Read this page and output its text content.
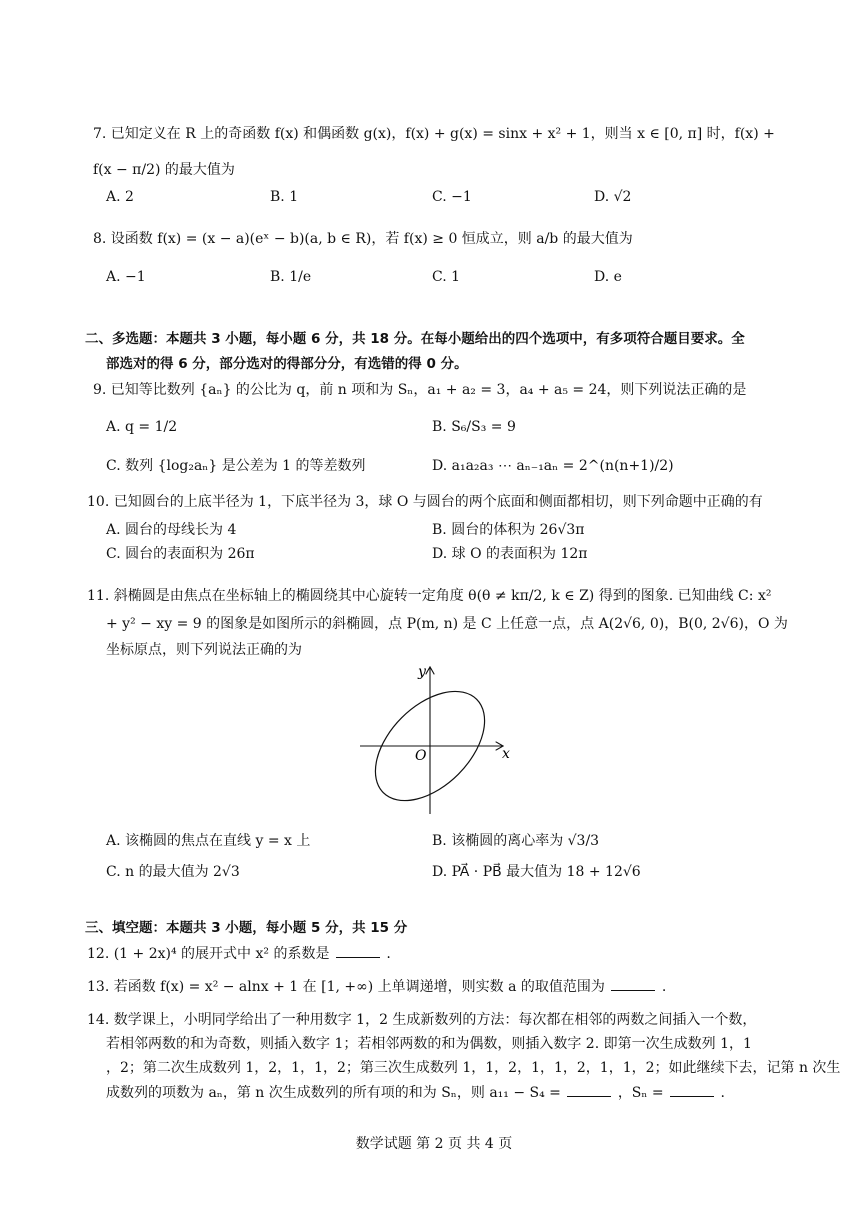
7. 已知定义在 R 上的奇函数 f(x) 和偶函数 g(x)，f(x) + g(x) = sinx + x² + 1，则当 x ∈ [0, π] 时，f(x) +
f(x − π/2) 的最大值为
A. 2	B. 1	C. −1	D. √2
8. 设函数 f(x) = (x − a)(eˣ − b)(a, b ∈ R)，若 f(x) ≥ 0 恒成立，则 a/b 的最大值为
A. −1	B. 1/e	C. 1	D. e
二、多选题：本题共 3 小题，每小题 6 分，共 18 分。在每小题给出的四个选项中，有多项符合题目要求。全
部选对的得 6 分，部分选对的得部分分，有选错的得 0 分。
9. 已知等比数列 {aₙ} 的公比为 q，前 n 项和为 Sₙ，a₁ + a₂ = 3，a₄ + a₅ = 24，则下列说法正确的是
A. q = 1/2	B. S₆/S₃ = 9
C. 数列 {log₂aₙ} 是公差为 1 的等差数列	D. a₁a₂a₃ ⋯ aₙ₋₁aₙ = 2^(n(n+1)/2)
10. 已知圆台的上底半径为 1，下底半径为 3，球 O 与圆台的两个底面和侧面都相切，则下列命题中正确的有
A. 圆台的母线长为 4	B. 圆台的体积为 26√3π
C. 圆台的表面积为 26π	D. 球 O 的表面积为 12π
11. 斜椭圆是由焦点在坐标轴上的椭圆绕其中心旋转一定角度 θ(θ ≠ kπ/2, k ∈ Z) 得到的图象. 已知曲线 C: x²
+ y² − xy = 9 的图象是如图所示的斜椭圆，点 P(m, n) 是 C 上任意一点，点 A(2√6, 0)，B(0, 2√6)，O 为
坐标原点，则下列说法正确的为
x
y
O
A. 该椭圆的焦点在直线 y = x 上	B. 该椭圆的离心率为 √3/3
C. n 的最大值为 2√3	D. PA⃗ · PB⃗ 最大值为 18 + 12√6
三、填空题：本题共 3 小题，每小题 5 分，共 15 分
12. (1 + 2x)⁴ 的展开式中 x² 的系数是	.
13. 若函数 f(x) = x² − alnx + 1 在 [1, +∞) 上单调递增，则实数 a 的取值范围为	.
14. 数学课上，小明同学给出了一种用数字 1，2 生成新数列的方法：每次都在相邻的两数之间插入一个数，
若相邻两数的和为奇数，则插入数字 1；若相邻两数的和为偶数，则插入数字 2. 即第一次生成数列 1，1
，2；第二次生成数列 1，2，1，1，2；第三次生成数列 1，1，2，1，1，2，1，1，2；如此继续下去，记第 n 次生
成数列的项数为 aₙ，第 n 次生成数列的所有项的和为 Sₙ，则 a₁₁ − S₄ =	，Sₙ =	.
数学试题 第 2 页 共 4 页
